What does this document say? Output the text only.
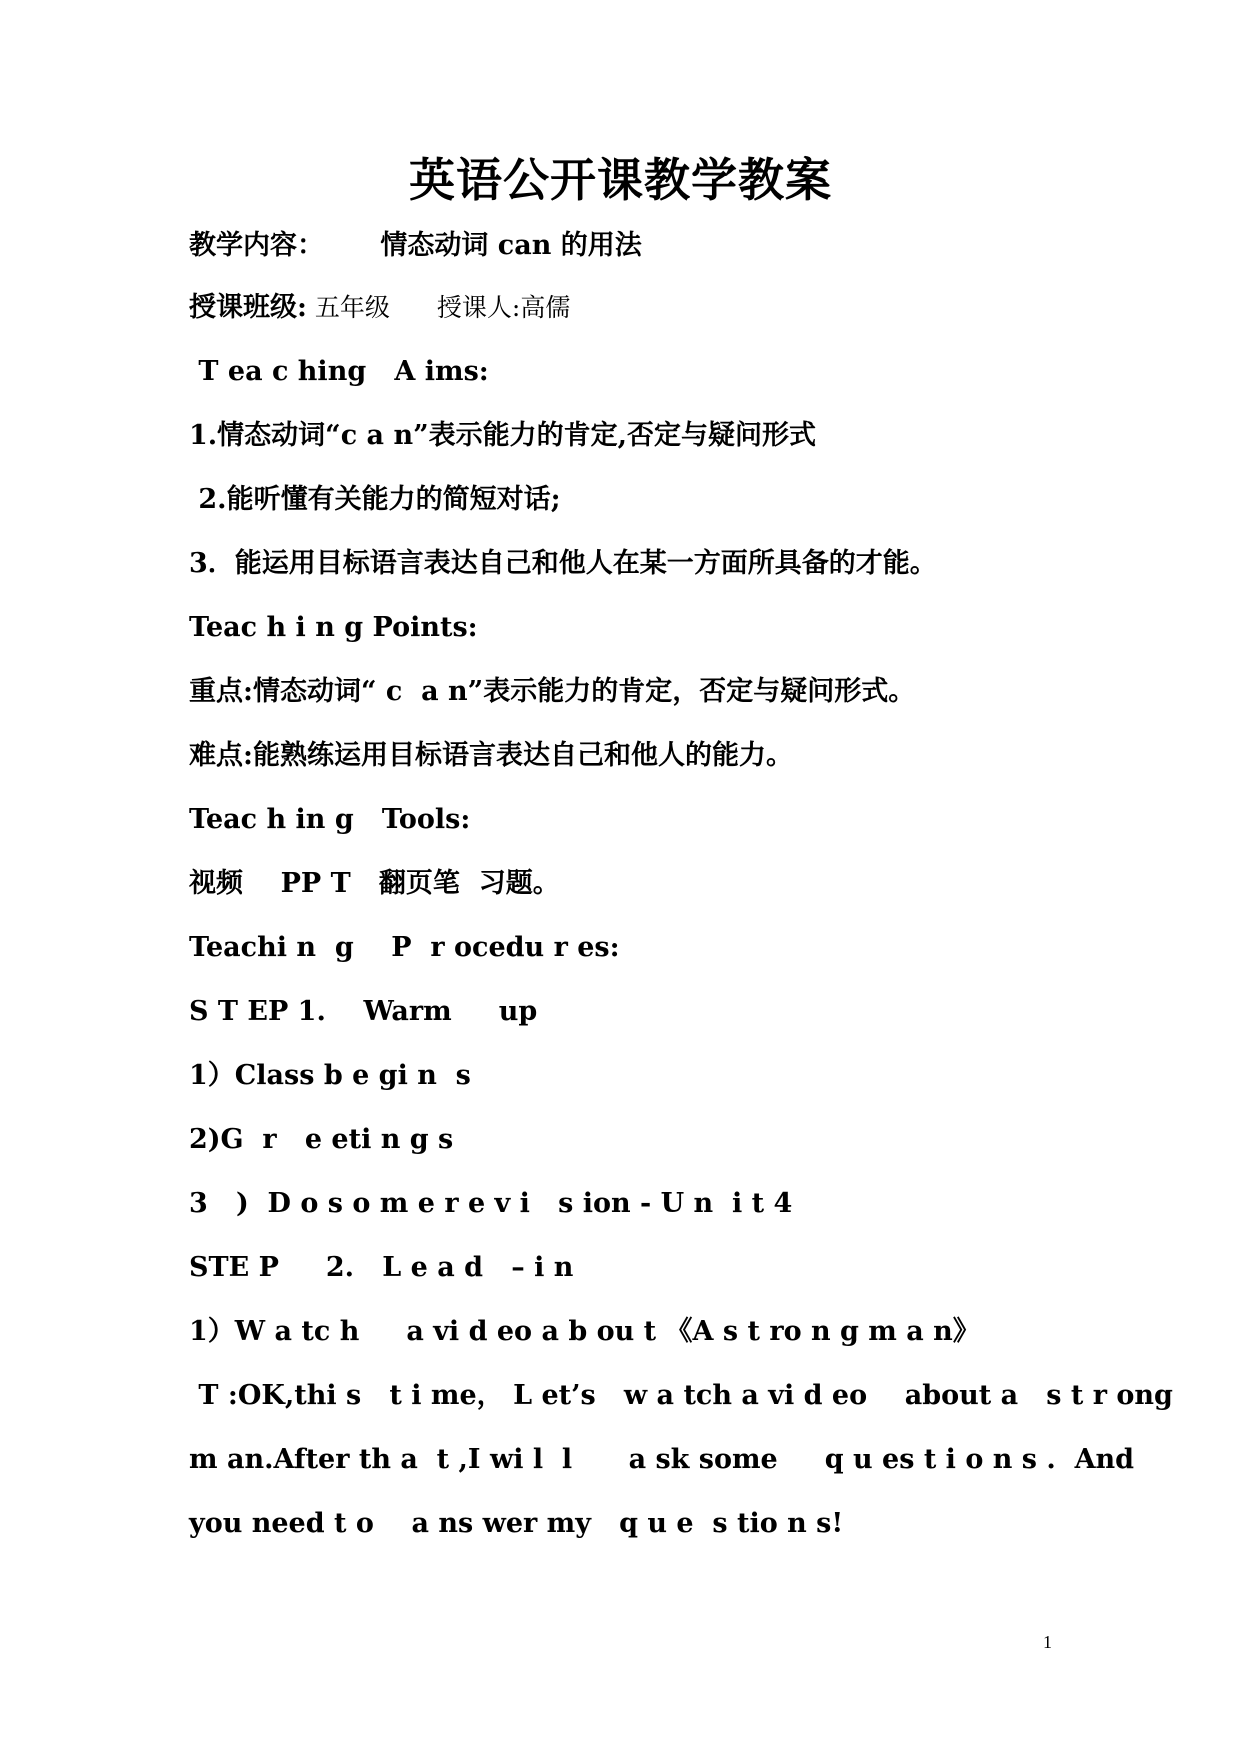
英语公开课教学教案
教学内容： 情态动词 can 的用法
授课班级: 五年级 授课人:高儒
T ea c hing   A ims:
1.情态动词“c a n”表示能力的肯定,否定与疑问形式
2.能听懂有关能力的简短对话;
3．能运用目标语言表达自己和他人在某一方面所具备的才能。
Teac h i n g Points:
重点:情态动词“ c  a n”表示能力的肯定，否定与疑问形式。
难点:能熟练运用目标语言表达自己和他人的能力。
Teac h in g   Tools:
视频    PP T   翻页笔  习题。
Teachi n  g    P  r ocedu r es:
S T EP 1.    Warm     up
1）Class b e gi n  s
2)G  r   e eti n g s
3   )  D o s o m e r e v i   s ion - U n  i t 4
STE P     2.   L e a d   – i n
1）W a tc h     a vi d eo a b ou t 《A s t ro n g m a n》
T :OK,thi s   t i me， L et’s   w a tch a vi d eo    about a   s t r ong
m an.After th a  t ,I wi l  l      a sk some     q u es t i o n s .  And
you need t o    a ns wer my   q u e  s tio n s!
1
